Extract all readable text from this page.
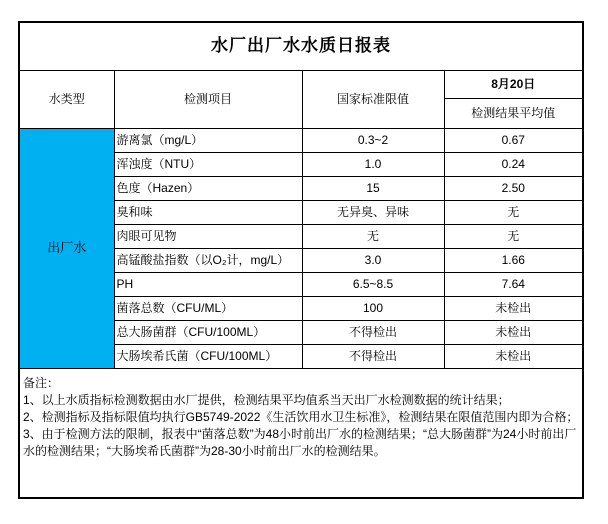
水厂出厂水水质日报表			
水类型	检测项目	国家标准限值	8月20日
			检测结果平均值
出厂水	游离氯（mg/L）	0.3~2	0.67
	浑浊度（NTU）	1.0	0.24
	色度（Hazen）	15	2.50
	臭和味	无异臭、异味	无
	肉眼可见物	无	无
	高锰酸盐指数（以O₂计，mg/L）	3.0	1.66
	PH	6.5~8.5	7.64
	菌落总数（CFU/ML）	100	未检出
	总大肠菌群（CFU/100ML）	不得检出	未检出
	大肠埃希氏菌（CFU/100ML）	不得检出	未检出

备注：
1、以上水质指标检测数据由水厂提供，检测结果平均值系当天出厂水检测数据的统计结果；
2、检测指标及指标限值均执行GB5749-2022《生活饮用水卫生标准》，检测结果在限值范围内即为合格；
3、由于检测方法的限制，报表中“菌落总数”为48小时前出厂水的检测结果；“总大肠菌群”为24小时前出厂水的检测结果；“大肠埃希氏菌群”为28-30小时前出厂水的检测结果。			
